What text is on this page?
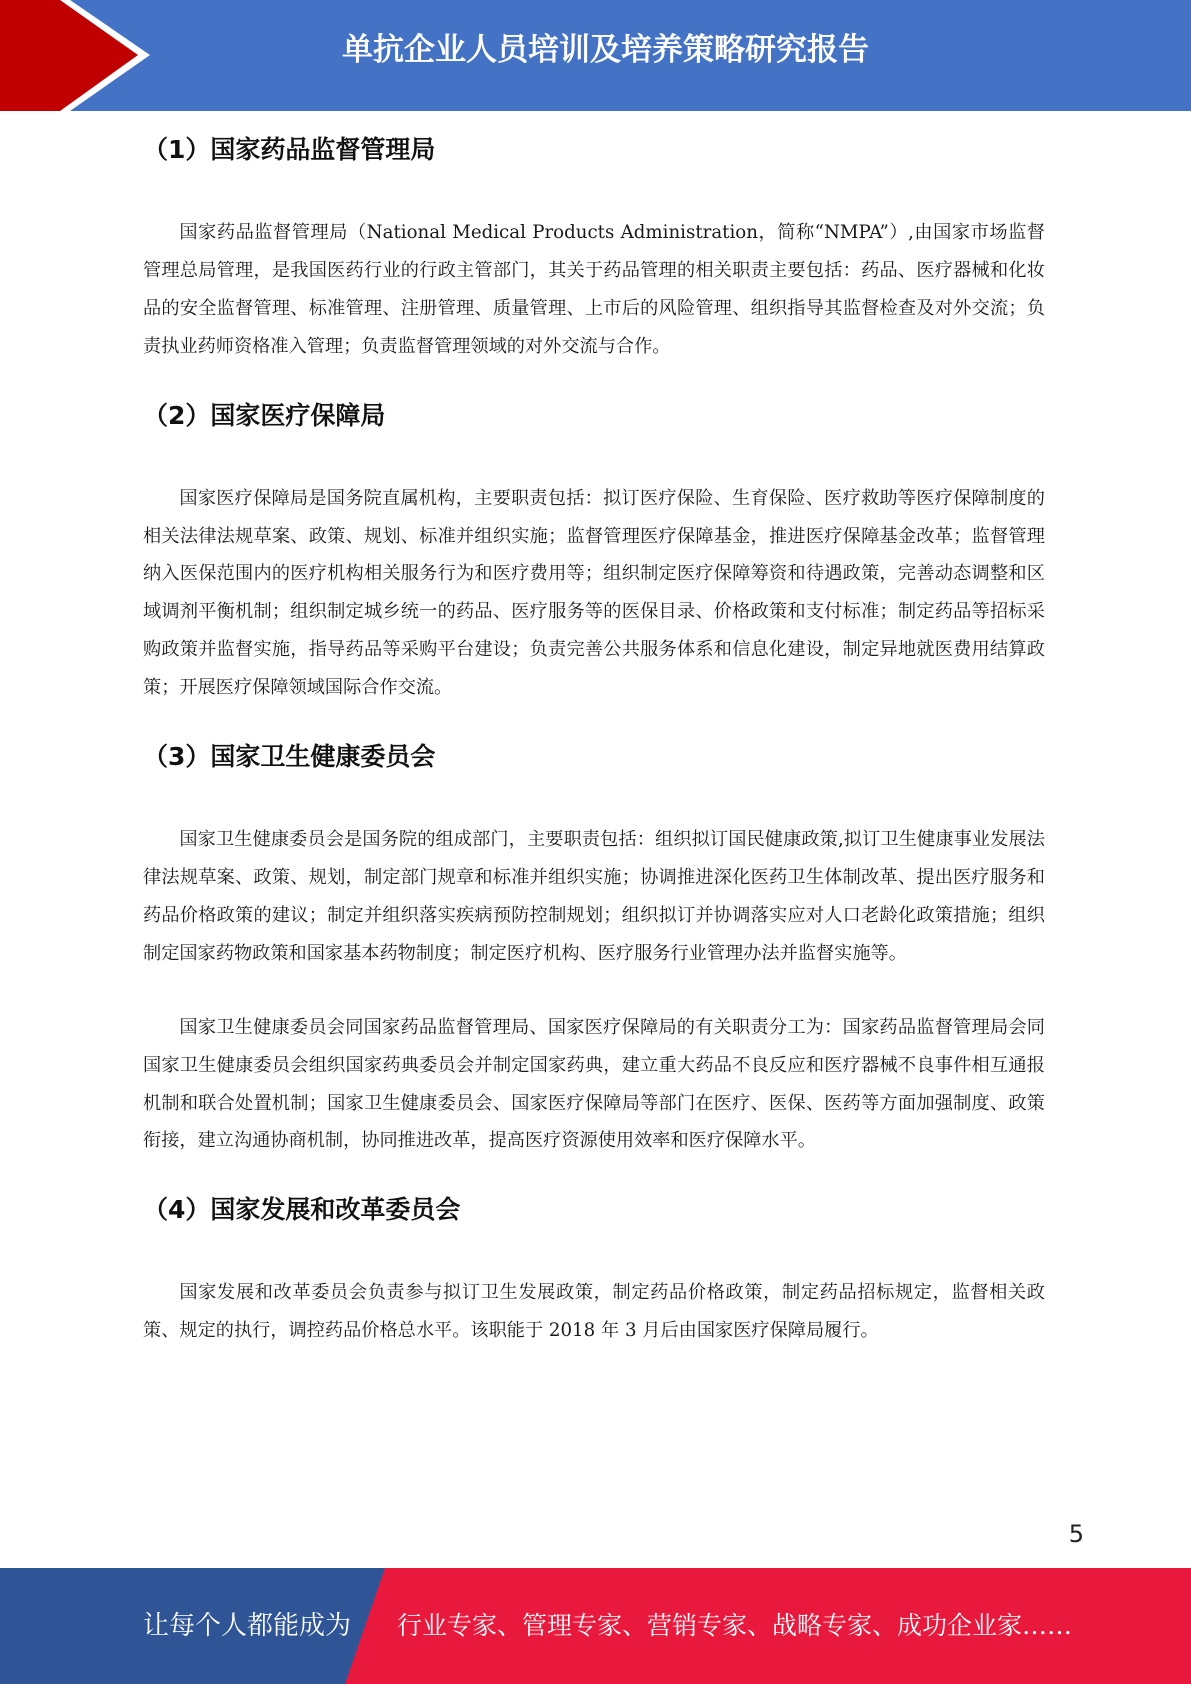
单抗企业人员培训及培养策略研究报告
（1）国家药品监督管理局

国家药品监督管理局（National Medical Products Administration，简称“NMPA”）,由国家市场监督管理总局管理，是我国医药行业的行政主管部门，其关于药品管理的相关职责主要包括：药品、医疗器械和化妆品的安全监督管理、标准管理、注册管理、质量管理、上市后的风险管理、组织指导其监督检查及对外交流；负责执业药师资格准入管理；负责监督管理领域的对外交流与合作。

（2）国家医疗保障局

国家医疗保障局是国务院直属机构，主要职责包括：拟订医疗保险、生育保险、医疗救助等医疗保障制度的相关法律法规草案、政策、规划、标准并组织实施；监督管理医疗保障基金，推进医疗保障基金改革；监督管理纳入医保范围内的医疗机构相关服务行为和医疗费用等；组织制定医疗保障筹资和待遇政策，完善动态调整和区域调剂平衡机制；组织制定城乡统一的药品、医疗服务等的医保目录、价格政策和支付标准；制定药品等招标采购政策并监督实施，指导药品等采购平台建设；负责完善公共服务体系和信息化建设，制定异地就医费用结算政策；开展医疗保障领域国际合作交流。

（3）国家卫生健康委员会

国家卫生健康委员会是国务院的组成部门，主要职责包括：组织拟订国民健康政策,拟订卫生健康事业发展法律法规草案、政策、规划，制定部门规章和标准并组织实施；协调推进深化医药卫生体制改革、提出医疗服务和药品价格政策的建议；制定并组织落实疾病预防控制规划；组织拟订并协调落实应对人口老龄化政策措施；组织制定国家药物政策和国家基本药物制度；制定医疗机构、医疗服务行业管理办法并监督实施等。

国家卫生健康委员会同国家药品监督管理局、国家医疗保障局的有关职责分工为：国家药品监督管理局会同国家卫生健康委员会组织国家药典委员会并制定国家药典，建立重大药品不良反应和医疗器械不良事件相互通报机制和联合处置机制；国家卫生健康委员会、国家医疗保障局等部门在医疗、医保、医药等方面加强制度、政策衔接，建立沟通协商机制，协同推进改革，提高医疗资源使用效率和医疗保障水平。

（4）国家发展和改革委员会

国家发展和改革委员会负责参与拟订卫生发展政策，制定药品价格政策，制定药品招标规定，监督相关政策、规定的执行，调控药品价格总水平。该职能于 2018 年 3 月后由国家医疗保障局履行。

5
让每个人都能成为 行业专家、管理专家、营销专家、战略专家、成功企业家……
